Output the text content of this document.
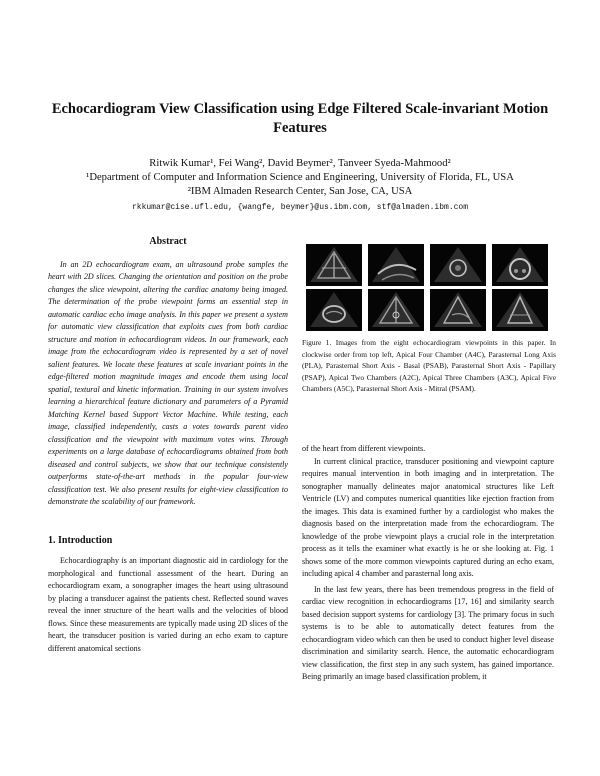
Echocardiogram View Classification using Edge Filtered Scale-invariant Motion Features
Ritwik Kumar¹, Fei Wang², David Beymer², Tanveer Syeda-Mahmood²
¹Department of Computer and Information Science and Engineering, University of Florida, FL, USA
²IBM Almaden Research Center, San Jose, CA, USA
rkkumar@cise.ufl.edu, {wangfe, beymer}@us.ibm.com, stf@almaden.ibm.com
Abstract

In an 2D echocardiogram exam, an ultrasound probe samples the heart with 2D slices. Changing the orientation and position on the probe changes the slice viewpoint, altering the cardiac anatomy being imaged. The determination of the probe viewpoint forms an essential step in automatic cardiac echo image analysis. In this paper we present a system for automatic view classification that exploits cues from both cardiac structure and motion in echocardiogram videos. In our framework, each image from the echocardiogram video is represented by a set of novel salient features. We locate these features at scale invariant points in the edge-filtered motion magnitude images and encode them using local spatial, textural and kinetic information. Training in our system involves learning a hierarchical feature dictionary and parameters of a Pyramid Matching Kernel based Support Vector Machine. While testing, each image, classified independently, casts a votes towards parent video classification and the viewpoint with maximum votes wins. Through experiments on a large database of echocardiograms obtained from both diseased and control subjects, we show that our technique consistently outperforms state-of-the-art methods in the popular four-view classification test. We also present results for eight-view classification to demonstrate the scalability of our framework.

1. Introduction

Echocardiography is an important diagnostic aid in cardiology for the morphological and functional assessment of the heart. During an echocardiogram exam, a sonographer images the heart using ultrasound by placing a transducer against the patients chest. Reflected sound waves reveal the inner structure of the heart walls and the velocities of blood flows. Since these measurements are typically made using 2D slices of the heart, the transducer position is varied during an echo exam to capture different anatomical sections

Figure 1. Images from the eight echocardiogram viewpoints in this paper. In clockwise order from top left, Apical Four Chamber (A4C), Parasternal Long Axis (PLA), Parasternal Short Axis - Basal (PSAB), Parasternal Short Axis - Papillary (PSAP), Apical Two Chambers (A2C), Apical Three Chambers (A3C), Apical Five Chambers (A5C), Parasternal Short Axis - Mitral (PSAM).

of the heart from different viewpoints.

In current clinical practice, transducer positioning and viewpoint capture requires manual intervention in both imaging and in interpretation. The sonographer manually delineates major anatomical structures like Left Ventricle (LV) and computes numerical quantities like ejection fraction from the images. This data is examined further by a cardiologist who makes the diagnosis based on the interpretation made from the echocardiogram. The knowledge of the probe viewpoint plays a crucial role in the interpretation process as it tells the examiner what exactly is he or she looking at. Fig. 1 shows some of the more common viewpoints captured during an echo exam, including apical 4 chamber and parasternal long axis.

In the last few years, there has been tremendous progress in the field of cardiac view recognition in echocardiograms [17, 16] and similarity search based decision support systems for cardiology [3]. The primary focus in such systems is to be able to automatically detect features from the echocardiogram video which can then be used to conduct higher level disease discrimination and similarity search. Hence, the automatic echocardiogram view classification, the first step in any such system, has gained importance. Being primarily an image based classification problem, it
